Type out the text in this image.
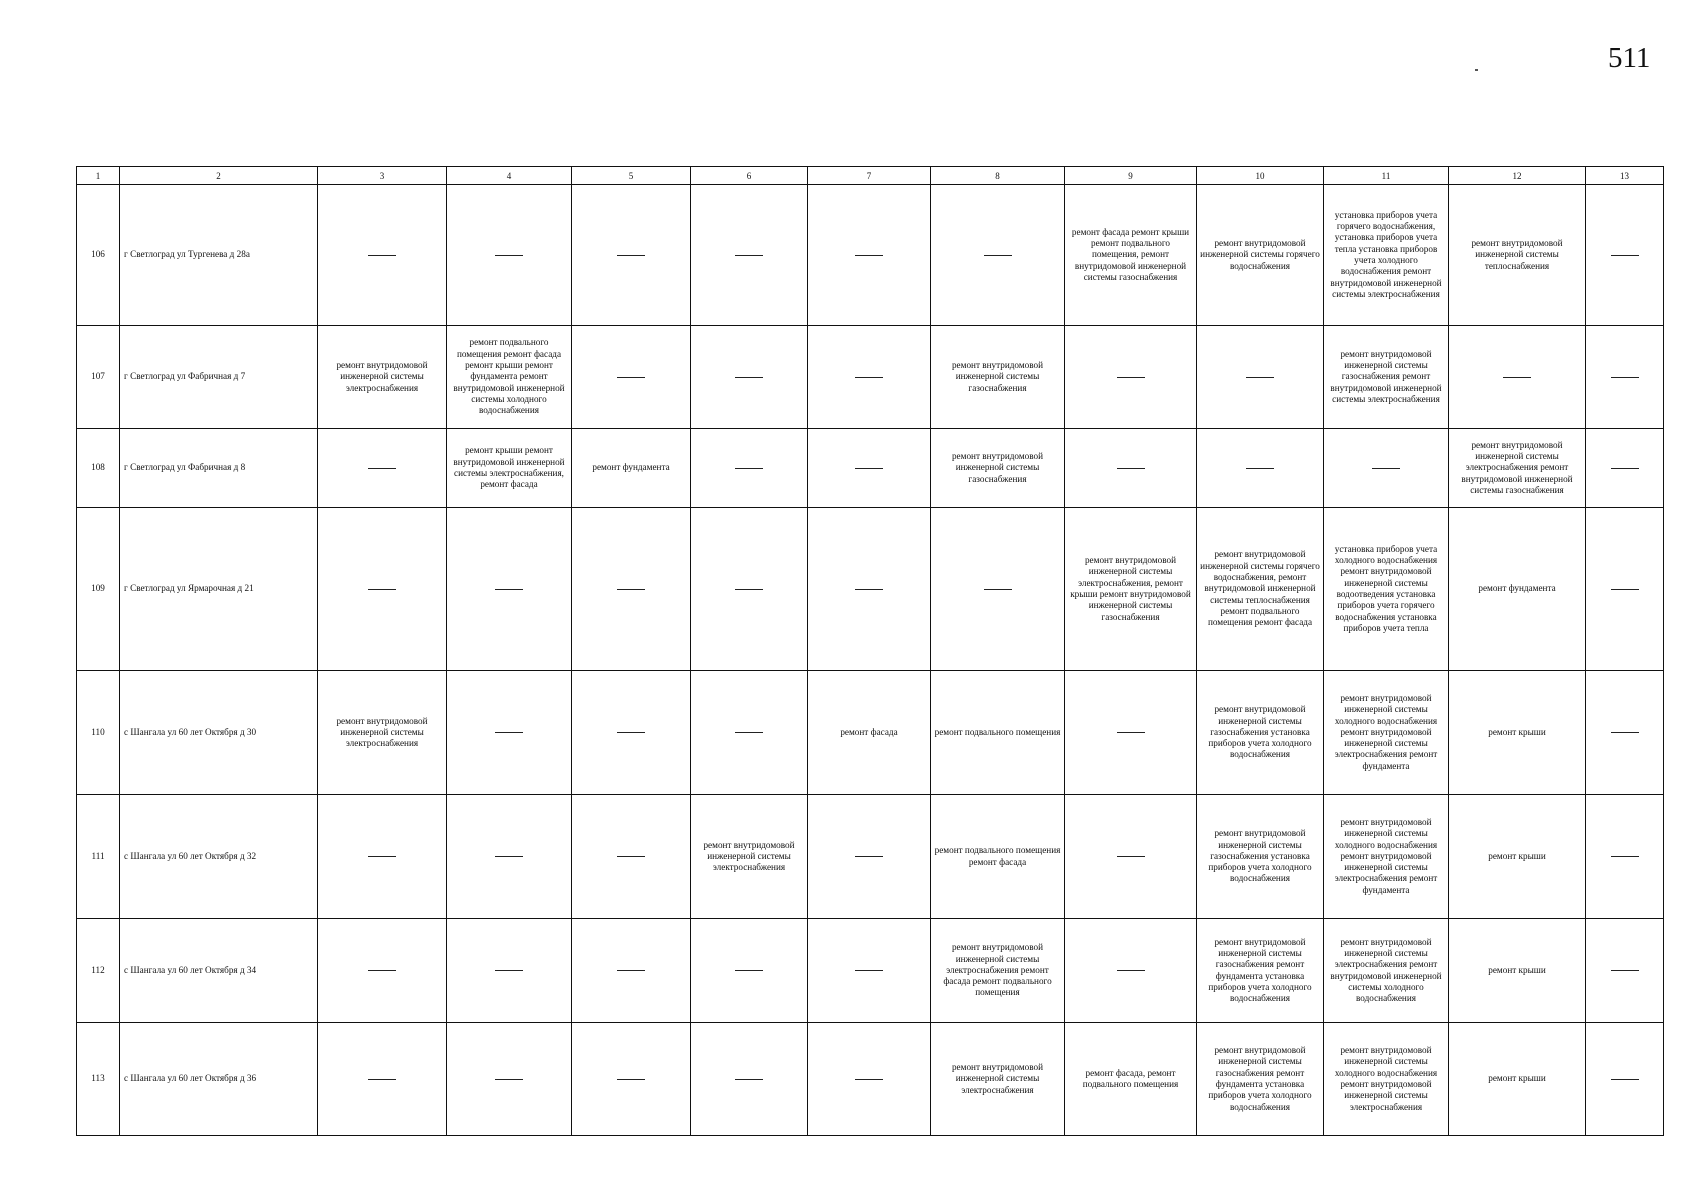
511
1	2	3	4	5	6	7	8	9	10	11	12	13
106	г Светлоград ул Тургенева д 28а							ремонт фасада ремонт крыши ремонт подвального помещения, ремонт внутридомовой инженерной системы газоснабжения	ремонт внутридомовой инженерной системы горячего водоснабжения	установка приборов учета горячего водоснабжения, установка приборов учета тепла установка приборов учета холодного водоснабжения ремонт внутридомовой инженерной системы электроснабжения	ремонт внутридомовой инженерной системы теплоснабжения	
107	г Светлоград ул Фабричная д 7	ремонт внутридомовой инженерной системы электроснабжения	ремонт подвального помещения ремонт фасада ремонт крыши ремонт фундамента ремонт внутридомовой инженерной системы холодного водоснабжения				ремонт внутридомовой инженерной системы газоснабжения			ремонт внутридомовой инженерной системы газоснабжения ремонт внутридомовой инженерной системы электроснабжения		
108	г Светлоград ул Фабричная д 8		ремонт крыши ремонт внутридомовой инженерной системы электроснабжения, ремонт фасада	ремонт фундамента			ремонт внутридомовой инженерной системы газоснабжения				ремонт внутридомовой инженерной системы электроснабжения ремонт внутридомовой инженерной системы газоснабжения	
109	г Светлоград ул Ярмарочная д 21							ремонт внутридомовой инженерной системы электроснабжения, ремонт крыши ремонт внутридомовой инженерной системы газоснабжения	ремонт внутридомовой инженерной системы горячего водоснабжения, ремонт внутридомовой инженерной системы теплоснабжения ремонт подвального помещения ремонт фасада	установка приборов учета холодного водоснабжения ремонт внутридомовой инженерной системы водоотведения установка приборов учета горячего водоснабжения установка приборов учета тепла	ремонт фундамента	
110	с Шангала ул 60 лет Октября д 30	ремонт внутридомовой инженерной системы электроснабжения				ремонт фасада	ремонт подвального помещения		ремонт внутридомовой инженерной системы газоснабжения установка приборов учета холодного водоснабжения	ремонт внутридомовой инженерной системы холодного водоснабжения ремонт внутридомовой инженерной системы электроснабжения ремонт фундамента	ремонт крыши	
111	с Шангала ул 60 лет Октября д 32				ремонт внутридомовой инженерной системы электроснабжения		ремонт подвального помещения ремонт фасада		ремонт внутридомовой инженерной системы газоснабжения установка приборов учета холодного водоснабжения	ремонт внутридомовой инженерной системы холодного водоснабжения ремонт внутридомовой инженерной системы электроснабжения ремонт фундамента	ремонт крыши	
112	с Шангала ул 60 лет Октября д 34						ремонт внутридомовой инженерной системы электроснабжения ремонт фасада ремонт подвального помещения		ремонт внутридомовой инженерной системы газоснабжения ремонт фундамента установка приборов учета холодного водоснабжения	ремонт внутридомовой инженерной системы электроснабжения ремонт внутридомовой инженерной системы холодного водоснабжения	ремонт крыши	
113	с Шангала ул 60 лет Октября д 36						ремонт внутридомовой инженерной системы электроснабжения	ремонт фасада, ремонт подвального помещения	ремонт внутридомовой инженерной системы газоснабжения ремонт фундамента установка приборов учета холодного водоснабжения	ремонт внутридомовой инженерной системы холодного водоснабжения ремонт внутридомовой инженерной системы электроснабжения	ремонт крыши	
